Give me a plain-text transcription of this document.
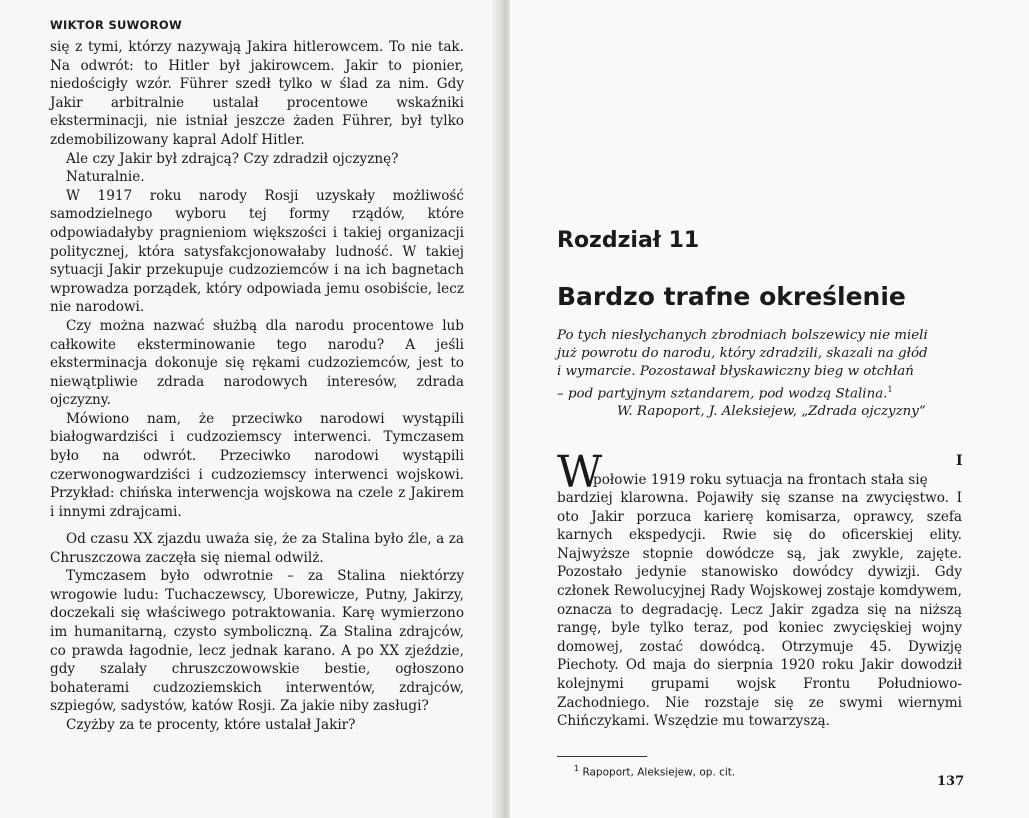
WIKTOR SUWOROW

się z tymi, którzy nazywają Jakira hitlerowcem. To nie tak. Na odwrót: to Hitler był jakirowcem. Jakir to pionier, niedościgły wzór. Führer szedł tylko w ślad za nim. Gdy Jakir arbitralnie ustalał procentowe wskaźniki eksterminacji, nie istniał jeszcze żaden Führer, był tylko zdemobilizowany kapral Adolf Hitler.

Ale czy Jakir był zdrajcą? Czy zdradził ojczyznę?

Naturalnie.

W 1917 roku narody Rosji uzyskały możliwość samodzielnego wyboru tej formy rządów, które odpowiadałyby pragnieniom większości i takiej organizacji politycznej, która satysfakcjonowałaby ludność. W takiej sytuacji Jakir przekupuje cudzoziemców i na ich bagnetach wprowadza porządek, który odpowiada jemu osobiście, lecz nie narodowi.

Czy można nazwać służbą dla narodu procentowe lub całkowite eksterminowanie tego narodu? A jeśli eksterminacja dokonuje się rękami cudzoziemców, jest to niewątpliwie zdrada narodowych interesów, zdrada ojczyzny.

Mówiono nam, że przeciwko narodowi wystąpili białogwardziści i cudzoziemscy interwenci. Tymczasem było na odwrót. Przeciwko narodowi wystąpili czerwonogwardziści i cudzoziemscy interwenci wojskowi. Przykład: chińska interwencja wojskowa na czele z Jakirem i innymi zdrajcami.

Od czasu XX zjazdu uważa się, że za Stalina było źle, a za Chruszczowa zaczęła się niemal odwilż.

Tymczasem było odwrotnie – za Stalina niektórzy wrogowie ludu: Tuchaczewscy, Uborewicze, Putny, Jakirzy, doczekali się właściwego potraktowania. Karę wymierzono im humanitarną, czysto symboliczną. Za Stalina zdrajców, co prawda łagodnie, lecz jednak karano. A po XX zjeździe, gdy szalały chruszczowowskie bestie, ogłoszono bohaterami cudzoziemskich interwentów, zdrajców, szpiegów, sadystów, katów Rosji. Za jakie niby zasługi?

Czyżby za te procenty, które ustalał Jakir?

Rozdział 11
Bardzo trafne określenie
Po tych niesłychanych zbrodniach bolszewicy nie mieli
już powrotu do narodu, który zdradzili, skazali na głód
i wymarcie. Pozostawał błyskawiczny bieg w otchłań
– pod partyjnym sztandarem, pod wodzą Stalina.$^1$
W. Rapoport, J. Aleksiejew, „Zdrada ojczyzny”
I
W

połowie 1919 roku sytuacja na frontach stała się

bardziej klarowna. Pojawiły się szanse na zwycięstwo. I oto Jakir porzuca karierę komisarza, oprawcy, szefa karnych ekspedycji. Rwie się do oficerskiej elity. Najwyższe stopnie dowódcze są, jak zwykle, zajęte. Pozostało jedynie stanowisko dowódcy dywizji. Gdy członek Rewolucyjnej Rady Wojskowej zostaje komdywem, oznacza to degradację. Lecz Jakir zgadza się na niższą rangę, byle tylko teraz, pod koniec zwycięskiej wojny domowej, zostać dowódcą. Otrzymuje 45. Dywizję Piechoty. Od maja do sierpnia 1920 roku Jakir dowodził kolejnymi grupami wojsk Frontu Południowo-Zachodniego. Nie rozstaje się ze swymi wiernymi Chińczykami. Wszędzie mu towarzyszą.

$^1$ Rapoport, Aleksiejew, op. cit.
137
